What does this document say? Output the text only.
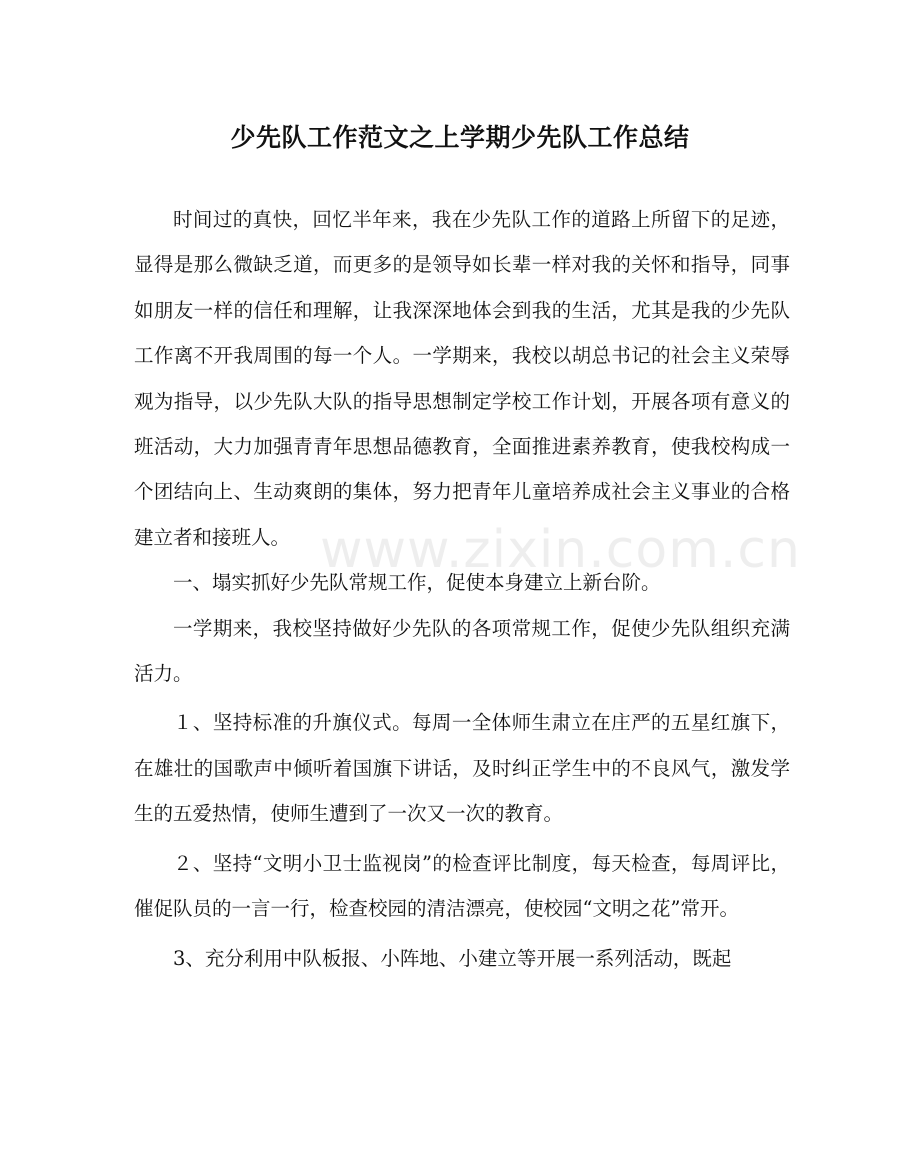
少先队工作范文之上学期少先队工作总结

时间过的真快，回忆半年来，我在少先队工作的道路上所留下的足迹，显得是那么微缺乏道，而更多的是领导如长辈一样对我的关怀和指导，同事如朋友一样的信任和理解，让我深深地体会到我的生活，尤其是我的少先队工作离不开我周围的每一个人。一学期来，我校以胡总书记的社会主义荣辱观为指导，以少先队大队的指导思想制定学校工作计划，开展各项有意义的班活动，大力加强青青年思想品德教育，全面推进素养教育，使我校构成一个团结向上、生动爽朗的集体，努力把青年儿童培养成社会主义事业的合格建立者和接班人。

一、塌实抓好少先队常规工作，促使本身建立上新台阶。

一学期来，我校坚持做好少先队的各项常规工作，促使少先队组织充满活力。

１、坚持标准的升旗仪式。每周一全体师生肃立在庄严的五星红旗下，在雄壮的国歌声中倾听着国旗下讲话，及时纠正学生中的不良风气，激发学生的五爱热情，使师生遭到了一次又一次的教育。

２、坚持“文明小卫士监视岗”的检查评比制度，每天检查，每周评比，催促队员的一言一行，检查校园的清洁漂亮，使校园“文明之花”常开。

3、充分利用中队板报、小阵地、小建立等开展一系列活动，既起

www.zixin.com.cn
